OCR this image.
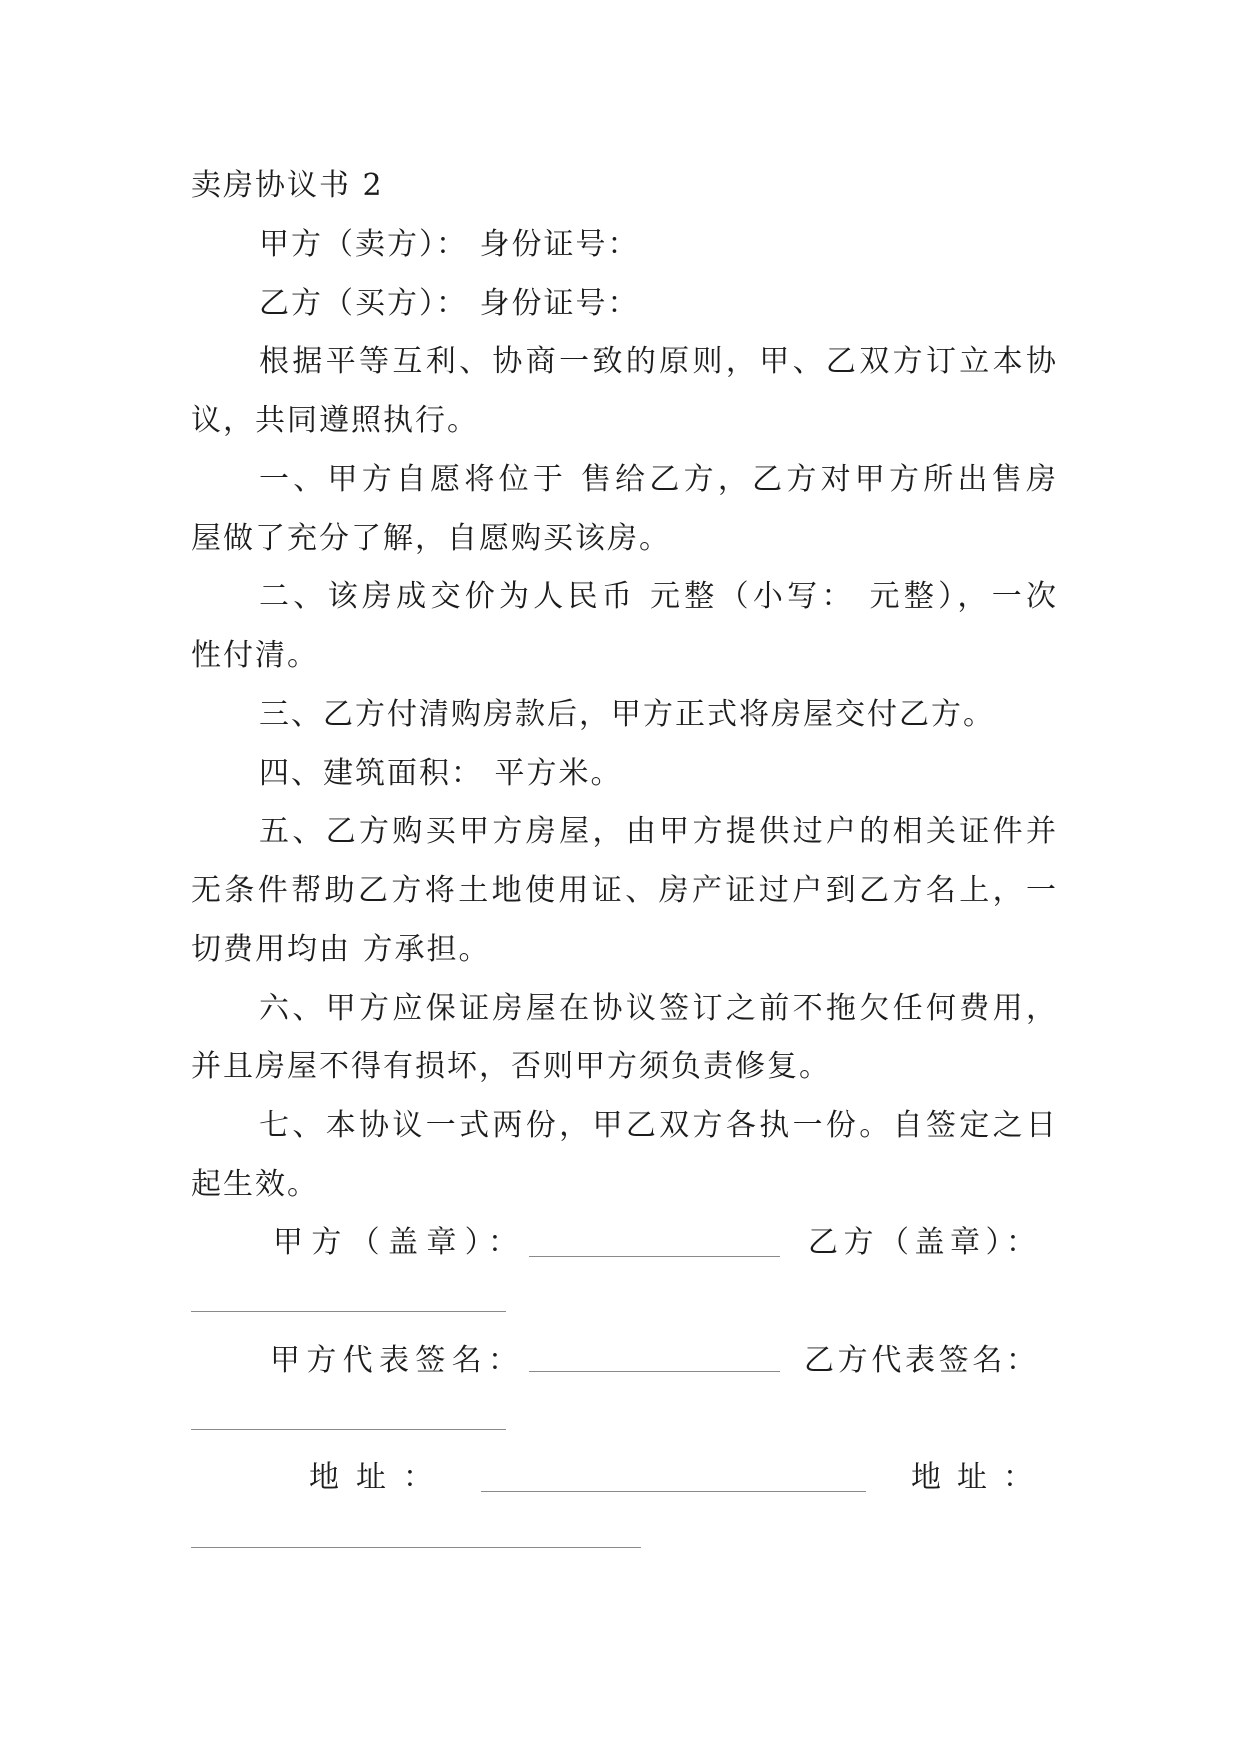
卖房协议书 2
甲方（卖方）： 身份证号：
乙方（买方）： 身份证号：
根据平等互利、协商一致的原则，甲、乙双方订立本协
议，共同遵照执行。
一、甲方自愿将位于 售给乙方，乙方对甲方所出售房
屋做了充分了解，自愿购买该房。
二、该房成交价为人民币 元整（小写： 元整），一次
性付清。
三、乙方付清购房款后，甲方正式将房屋交付乙方。
四、建筑面积： 平方米。
五、乙方购买甲方房屋，由甲方提供过户的相关证件并
无条件帮助乙方将土地使用证、房产证过户到乙方名上，一
切费用均由 方承担。
六、甲方应保证房屋在协议签订之前不拖欠任何费用，
并且房屋不得有损坏，否则甲方须负责修复。
七、本协议一式两份，甲乙双方各执一份。自签定之日
起生效。
甲方（盖章）：	乙方（盖章）：
甲方代表签名：	乙方代表签名：
地址：	地址：
